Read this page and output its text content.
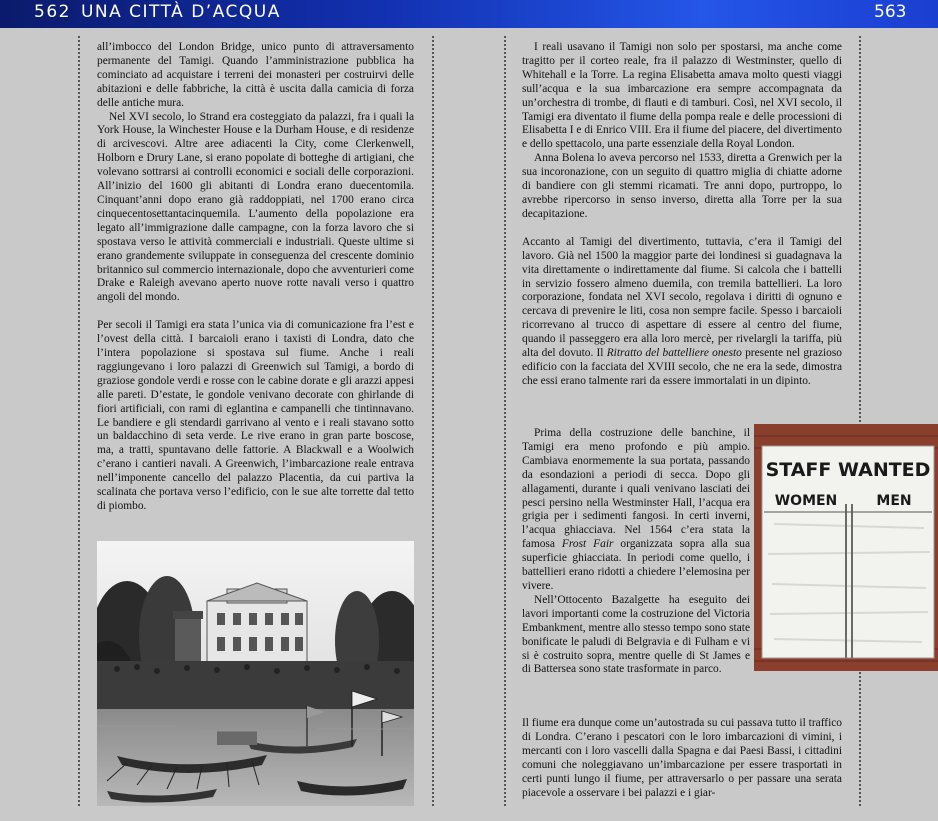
562 UNA CITTÀ D’ACQUA	563

all’imbocco del London Bridge, unico punto di attraversamento permanente del Tamigi. Quando l’amministrazione pubblica ha cominciato ad acquistare i terreni dei monasteri per costruirvi delle abitazioni e delle fabbriche, la città è uscita dalla camicia di forza delle antiche mura.

Nel XVI secolo, lo Strand era costeggiato da palazzi, fra i quali la York House, la Winchester House e la Durham House, e di residenze di arcivescovi. Altre aree adiacenti la City, come Clerkenwell, Holborn e Drury Lane, si erano popolate di botteghe di artigiani, che volevano sottrarsi ai controlli economici e sociali delle corporazioni. All’inizio del 1600 gli abitanti di Londra erano duecentomila. Cinquant’anni dopo erano già raddoppiati, nel 1700 erano circa cinquecentosettantacinquemila. L’aumento della popolazione era legato all’immigrazione dalle campagne, con la forza lavoro che si spostava verso le attività commerciali e industriali. Queste ultime si erano grandemente sviluppate in conseguenza del crescente dominio britannico sul commercio internazionale, dopo che avventurieri come Drake e Raleigh avevano aperto nuove rotte navali verso i quattro angoli del mondo.

Per secoli il Tamigi era stata l’unica via di comunicazione fra l’est e l’ovest della città. I barcaioli erano i taxisti di Londra, dato che l’intera popolazione si spostava sul fiume. Anche i reali raggiungevano i loro palazzi di Greenwich sul Tamigi, a bordo di graziose gondole verdi e rosse con le cabine dorate e gli arazzi appesi alle pareti. D’estate, le gondole venivano decorate con ghirlande di fiori artificiali, con rami di eglantina e campanelli che tintinnavano. Le bandiere e gli stendardi garrivano al vento e i reali stavano sotto un baldacchino di seta verde. Le rive erano in gran parte boscose, ma, a tratti, spuntavano delle fattorie. A Blackwall e a Woolwich c’erano i cantieri navali. A Greenwich, l’imbarcazione reale entrava nell’imponente cancello del palazzo Placentia, da cui partiva la scalinata che portava verso l’edificio, con le sue alte torrette dal tetto di piombo.

I reali usavano il Tamigi non solo per spostarsi, ma anche come tragitto per il corteo reale, fra il palazzo di Westminster, quello di Whitehall e la Torre. La regina Elisabetta amava molto questi viaggi sull’acqua e la sua imbarcazione era sempre accompagnata da un’orchestra di trombe, di flauti e di tamburi. Così, nel XVI secolo, il Tamigi era diventato il fiume della pompa reale e delle processioni di Elisabetta I e di Enrico VIII. Era il fiume del piacere, del divertimento e dello spettacolo, una parte essenziale della Royal London.

Anna Bolena lo aveva percorso nel 1533, diretta a Grenwich per la sua incoronazione, con un seguito di quattro miglia di chiatte adorne di bandiere con gli stemmi ricamati. Tre anni dopo, purtroppo, lo avrebbe ripercorso in senso inverso, diretta alla Torre per la sua decapitazione.

Accanto al Tamigi del divertimento, tuttavia, c’era il Tamigi del lavoro. Già nel 1500 la maggior parte dei londinesi si guadagnava la vita direttamente o indirettamente dal fiume. Si calcola che i battelli in servizio fossero almeno duemila, con tremila battellieri. La loro corporazione, fondata nel XVI secolo, regolava i diritti di ognuno e cercava di prevenire le liti, cosa non sempre facile. Spesso i barcaioli ricorrevano al trucco di aspettare di essere al centro del fiume, quando il passeggero era alla loro mercè, per rivelargli la tariffa, più alta del dovuto. Il Ritratto del battelliere onesto presente nel grazioso edificio con la facciata del XVIII secolo, che ne era la sede, dimostra che essi erano talmente rari da essere immortalati in un dipinto.

Prima della costruzione delle banchine, il Tamigi era meno profondo e più ampio. Cambiava enormemente la sua portata, passando da esondazioni a periodi di secca. Dopo gli allagamenti, durante i quali venivano lasciati dei pesci persino nella Westminster Hall, l’acqua era grigia per i sedimenti fangosi. In certi inverni, l’acqua ghiacciava. Nel 1564 c’era stata la famosa Frost Fair organizzata sopra alla sua superficie ghiacciata. In periodi come quello, i battellieri erano ridotti a chiedere l’elemosina per vivere.

Nell’Ottocento Bazalgette ha eseguito dei lavori importanti come la costruzione del Victoria Embankment, mentre allo stesso tempo sono state bonificate le paludi di Belgravia e di Fulham e vi si è costruito sopra, mentre quelle di St James e di Battersea sono state trasformate in parco.

Il fiume era dunque come un’autostrada su cui passava tutto il traffico di Londra. C’erano i pescatori con le loro imbarcazioni di vimini, i mercanti con i loro vascelli dalla Spagna e dai Paesi Bassi, i cittadini comuni che noleggiavano un’imbarcazione per essere trasportati in certi punti lungo il fiume, per attraversarlo o per passare una serata piacevole a osservare i bei palazzi e i giar-

STAFF WANTED
WOMEN	MEN
